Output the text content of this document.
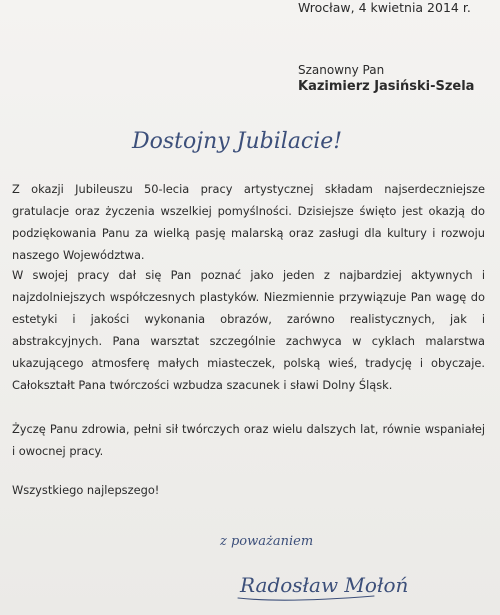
Wrocław, 4 kwietnia 2014 r.
Szanowny Pan
Kazimierz Jasiński-Szela
Dostojny Jubilacie!

Z okazji Jubileuszu 50-lecia pracy artystycznej składam najserdeczniejsze gratulacje oraz życzenia wszelkiej pomyślności. Dzisiejsze święto jest okazją do podziękowania Panu za wielką pasję malarską oraz zasługi dla kultury i rozwoju naszego Województwa.

W swojej pracy dał się Pan poznać jako jeden z najbardziej aktywnych i najzdolniejszych współczesnych plastyków. Niezmiennie przywiązuje Pan wagę do estetyki i jakości wykonania obrazów, zarówno realistycznych, jak i abstrakcyjnych. Pana warsztat szczególnie zachwyca w cyklach malarstwa ukazującego atmosferę małych miasteczek, polską wieś, tradycję i obyczaje. Całokształt Pana twórczości wzbudza szacunek i sławi Dolny Śląsk.

Życzę Panu zdrowia, pełni sił twórczych oraz wielu dalszych lat, równie wspaniałej i owocnej pracy.

Wszystkiego najlepszego!

z poważaniem
Radosław Mołoń
